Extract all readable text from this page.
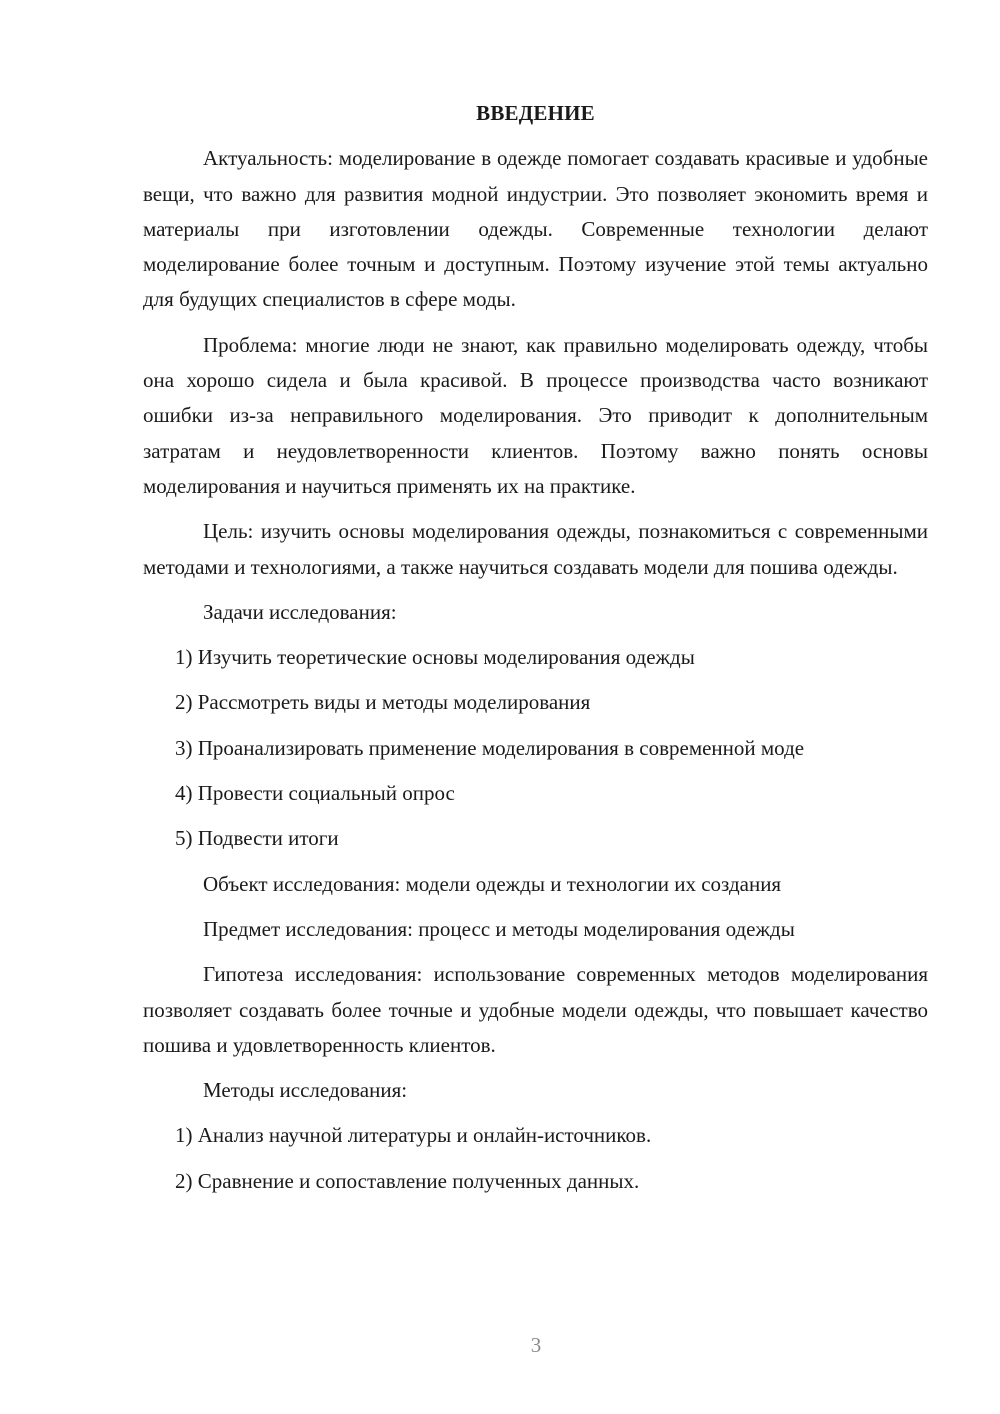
ВВЕДЕНИЕ

Актуальность: моделирование в одежде помогает создавать красивые и удобные вещи, что важно для развития модной индустрии. Это позволяет экономить время и материалы при изготовлении одежды. Современные технологии делают моделирование более точным и доступным. Поэтому изучение этой темы актуально для будущих специалистов в сфере моды.

Проблема: многие люди не знают, как правильно моделировать одежду, чтобы она хорошо сидела и была красивой. В процессе производства часто возникают ошибки из-за неправильного моделирования. Это приводит к дополнительным затратам и неудовлетворенности клиентов. Поэтому важно понять основы моделирования и научиться применять их на практике.

Цель: изучить основы моделирования одежды, познакомиться с современными методами и технологиями, а также научиться создавать модели для пошива одежды.

Задачи исследования:
1) Изучить теоретические основы моделирования одежды
2) Рассмотреть виды и методы моделирования
3) Проанализировать применение моделирования в современной моде
4) Провести социальный опрос
5) Подвести итоги
Объект исследования: модели одежды и технологии их создания
Предмет исследования: процесс и методы моделирования одежды

Гипотеза исследования: использование современных методов моделирования позволяет создавать более точные и удобные модели одежды, что повышает качество пошива и удовлетворенность клиентов.

Методы исследования:
1) Анализ научной литературы и онлайн-источников.
2) Сравнение и сопоставление полученных данных.
3
